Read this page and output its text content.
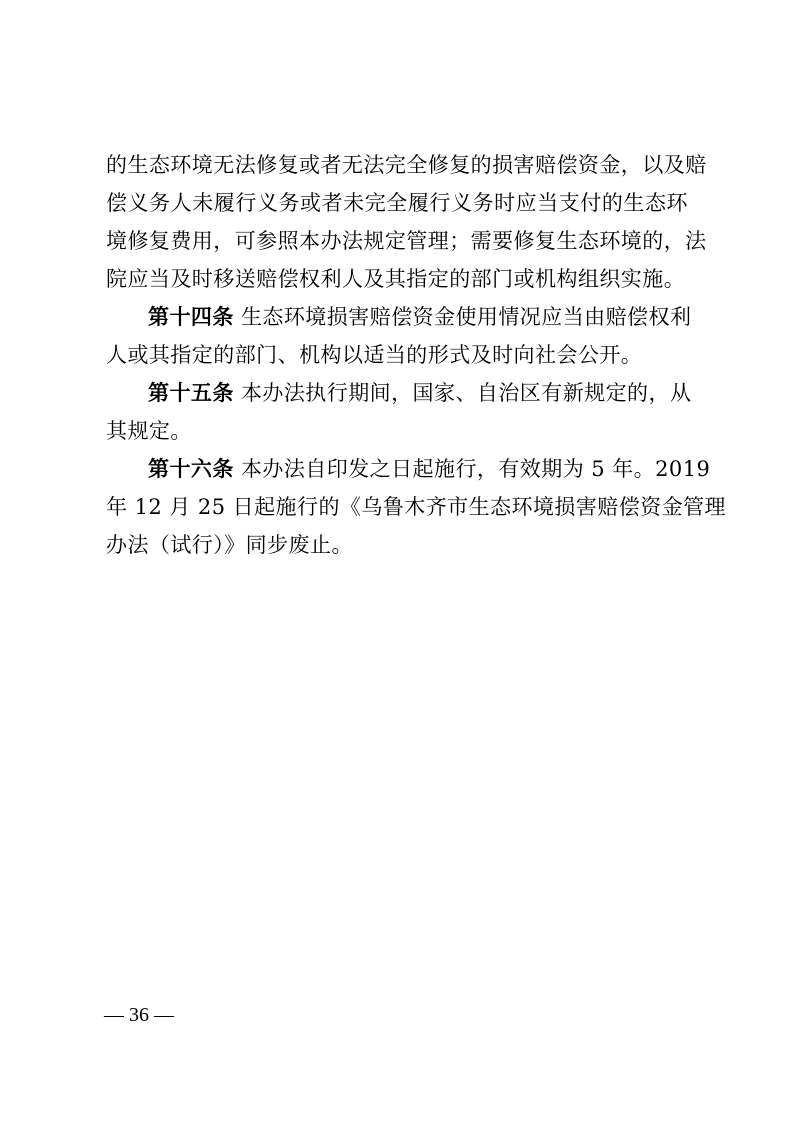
的生态环境无法修复或者无法完全修复的损害赔偿资金，以及赔
偿义务人未履行义务或者未完全履行义务时应当支付的生态环
境修复费用，可参照本办法规定管理；需要修复生态环境的，法
院应当及时移送赔偿权利人及其指定的部门或机构组织实施。
第十四条 生态环境损害赔偿资金使用情况应当由赔偿权利
人或其指定的部门、机构以适当的形式及时向社会公开。
第十五条 本办法执行期间，国家、自治区有新规定的，从
其规定。
第十六条 本办法自印发之日起施行，有效期为 5 年。2019
年 12 月 25 日起施行的《乌鲁木齐市生态环境损害赔偿资金管理
办法（试行）》同步废止。
— 36 —
